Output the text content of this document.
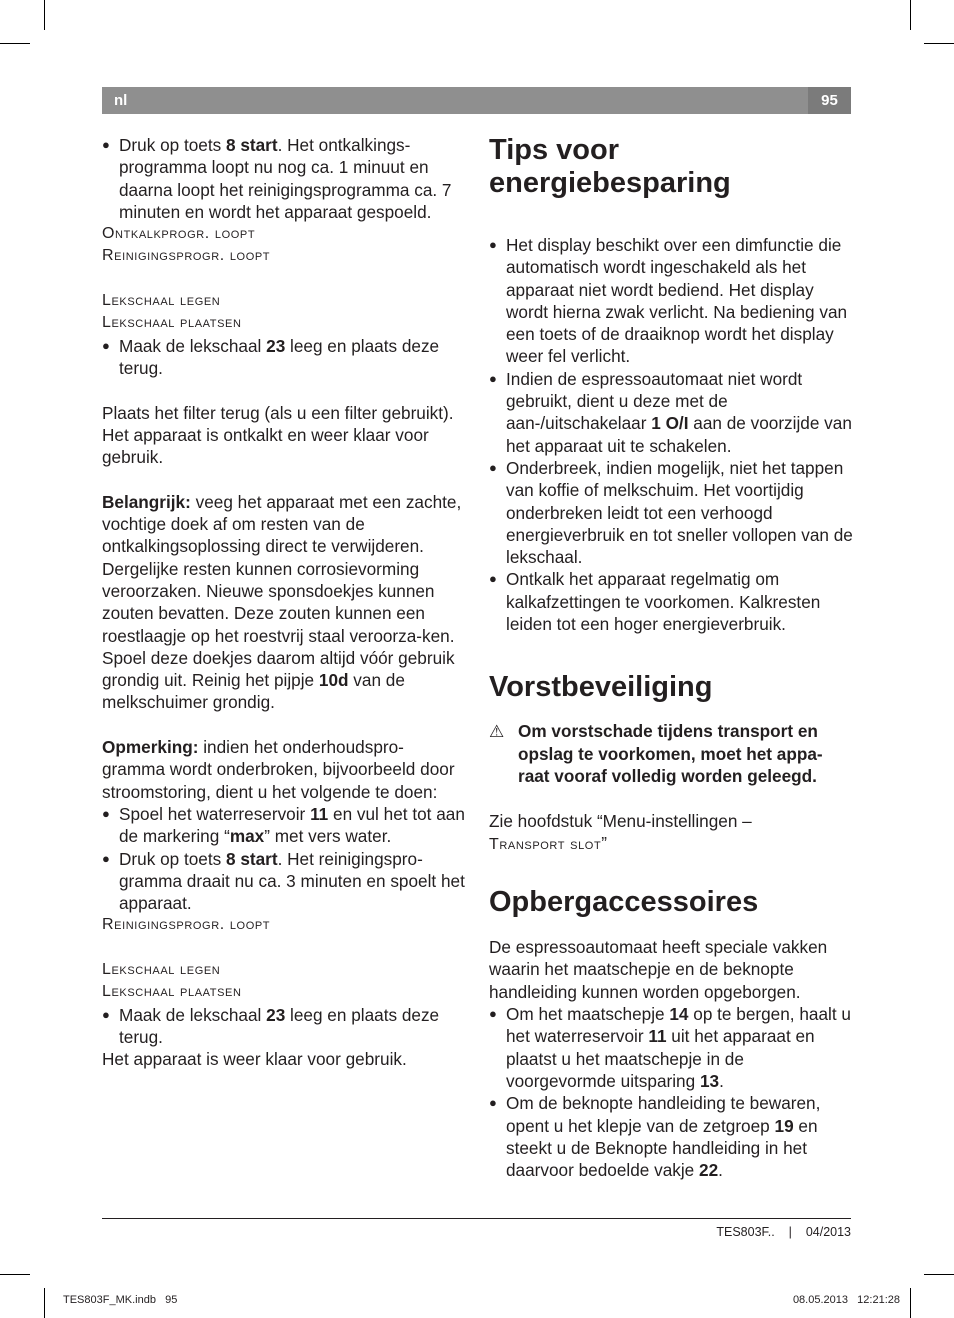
nl	95
● Druk op toets 8 start. Het ontkalkings-programma loopt nu nog ca. 1 minuut en daarna loopt het reinigingsprogramma ca. 7 minuten en wordt het apparaat gespoeld.
Ontkalkprogr. loopt
Reinigingsprogr. loopt
Lekschaal legen
Lekschaal plaatsen
● Maak de lekschaal 23 leeg en plaats deze terug.
Plaats het filter terug (als u een filter gebruikt). Het apparaat is ontkalkt en weer klaar voor gebruik.
Belangrijk: veeg het apparaat met een zachte, vochtige doek af om resten van de ontkalkingsoplossing direct te verwijderen. Dergelijke resten kunnen corrosievorming veroorzaken. Nieuwe sponsdoekjes kunnen zouten bevatten. Deze zouten kunnen een roestlaagje op het roestvrij staal veroorza-ken. Spoel deze doekjes daarom altijd vóór gebruik grondig uit. Reinig het pijpje 10d van de melkschuimer grondig.
Opmerking: indien het onderhoudspro-gramma wordt onderbroken, bijvoorbeeld door stroomstoring, dient u het volgende te doen:
● Spoel het waterreservoir 11 en vul het tot aan de markering “max” met vers water.
● Druk op toets 8 start. Het reinigingspro-gramma draait nu ca. 3 minuten en spoelt het apparaat.
Reinigingsprogr. loopt
Lekschaal legen
Lekschaal plaatsen
● Maak de lekschaal 23 leeg en plaats deze terug.
Het apparaat is weer klaar voor gebruik.
Tips voor energiebesparing
● Het display beschikt over een dimfunctie die automatisch wordt ingeschakeld als het apparaat niet wordt bediend. Het display wordt hierna zwak verlicht. Na bediening van een toets of de draaiknop wordt het display weer fel verlicht.
● Indien de espressoautomaat niet wordt gebruikt, dient u deze met de aan-/uitschakelaar 1 O/I aan de voorzijde van het apparaat uit te schakelen.
● Onderbreek, indien mogelijk, niet het tappen van koffie of melkschuim. Het voortijdig onderbreken leidt tot een verhoogd energieverbruik en tot sneller vollopen van de lekschaal.
● Ontkalk het apparaat regelmatig om kalkafzettingen te voorkomen. Kalkresten leiden tot een hoger energieverbruik.
Vorstbeveiliging
⚠ Om vorstschade tijdens transport en opslag te voorkomen, moet het appa-raat vooraf volledig worden geleegd.
Zie hoofdstuk “Menu-instellingen –
Transport slot”
Opbergaccessoires
De espressoautomaat heeft speciale vakken waarin het maatschepje en de beknopte handleiding kunnen worden opgeborgen.
● Om het maatschepje 14 op te bergen, haalt u het waterreservoir 11 uit het apparaat en plaatst u het maatschepje in de voorgevormde uitsparing 13.
● Om de beknopte handleiding te bewaren, opent u het klepje van de zetgroep 19 en steekt u de Beknopte handleiding in het daarvoor bedoelde vakje 22.
TES803F.. | 04/2013
TES803F_MK.indb 95	08.05.2013 12:21:28
